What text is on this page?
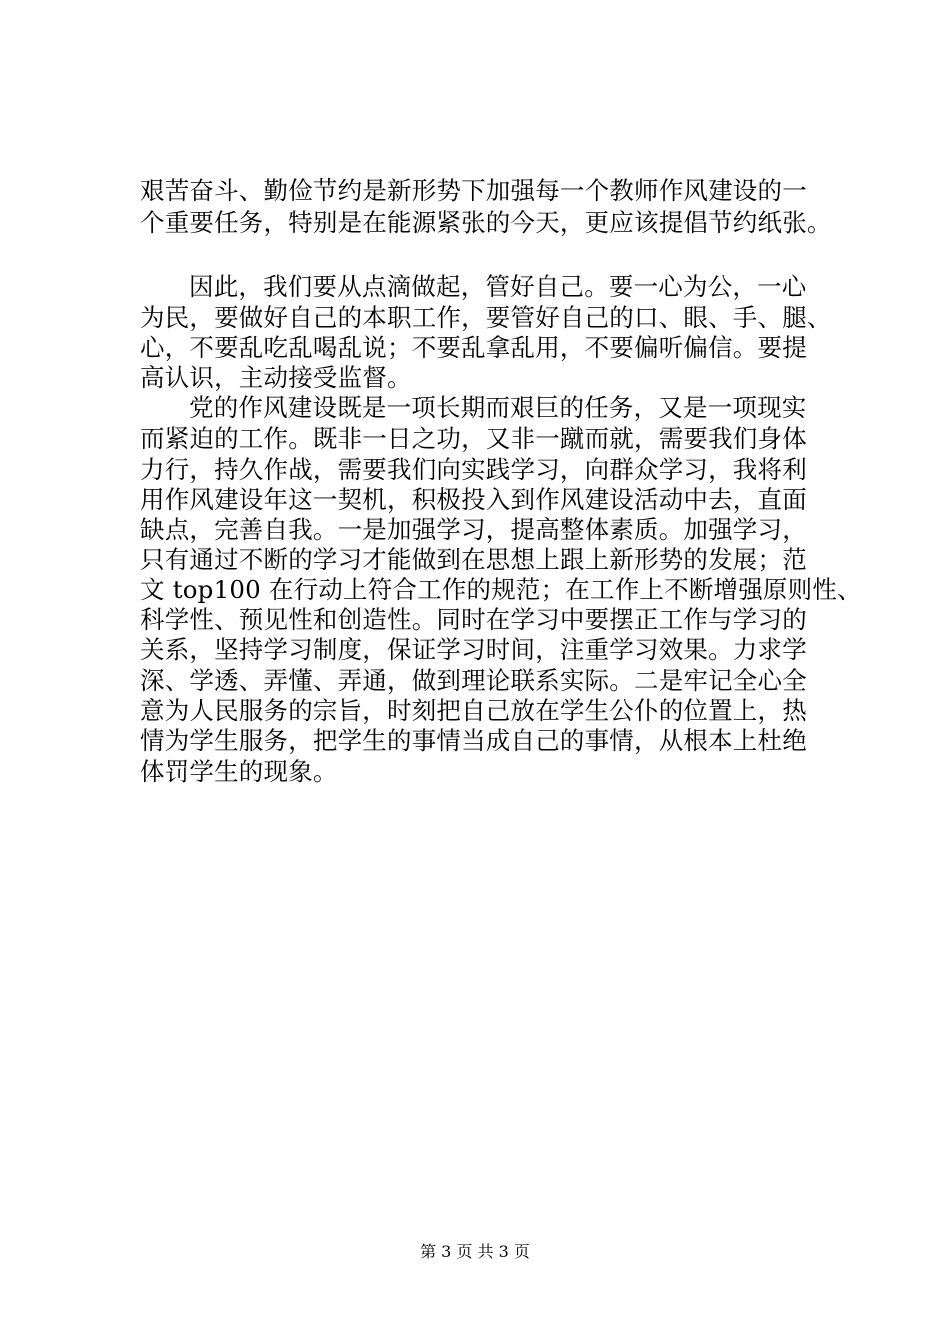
艰苦奋斗、勤俭节约是新形势下加强每一个教师作风建设的一
个重要任务，特别是在能源紧张的今天，更应该提倡节约纸张。
因此，我们要从点滴做起，管好自己。要一心为公，一心
为民，要做好自己的本职工作，要管好自己的口、眼、手、腿、
心，不要乱吃乱喝乱说；不要乱拿乱用，不要偏听偏信。要提
高认识，主动接受监督。
党的作风建设既是一项长期而艰巨的任务，又是一项现实
而紧迫的工作。既非一日之功，又非一蹴而就，需要我们身体
力行，持久作战，需要我们向实践学习，向群众学习，我将利
用作风建设年这一契机，积极投入到作风建设活动中去，直面
缺点，完善自我。一是加强学习，提高整体素质。加强学习，
只有通过不断的学习才能做到在思想上跟上新形势的发展；范
文 top100 在行动上符合工作的规范；在工作上不断增强原则性、
科学性、预见性和创造性。同时在学习中要摆正工作与学习的
关系，坚持学习制度，保证学习时间，注重学习效果。力求学
深、学透、弄懂、弄通，做到理论联系实际。二是牢记全心全
意为人民服务的宗旨，时刻把自己放在学生公仆的位置上，热
情为学生服务，把学生的事情当成自己的事情，从根本上杜绝
体罚学生的现象。
第 3 页 共 3 页
